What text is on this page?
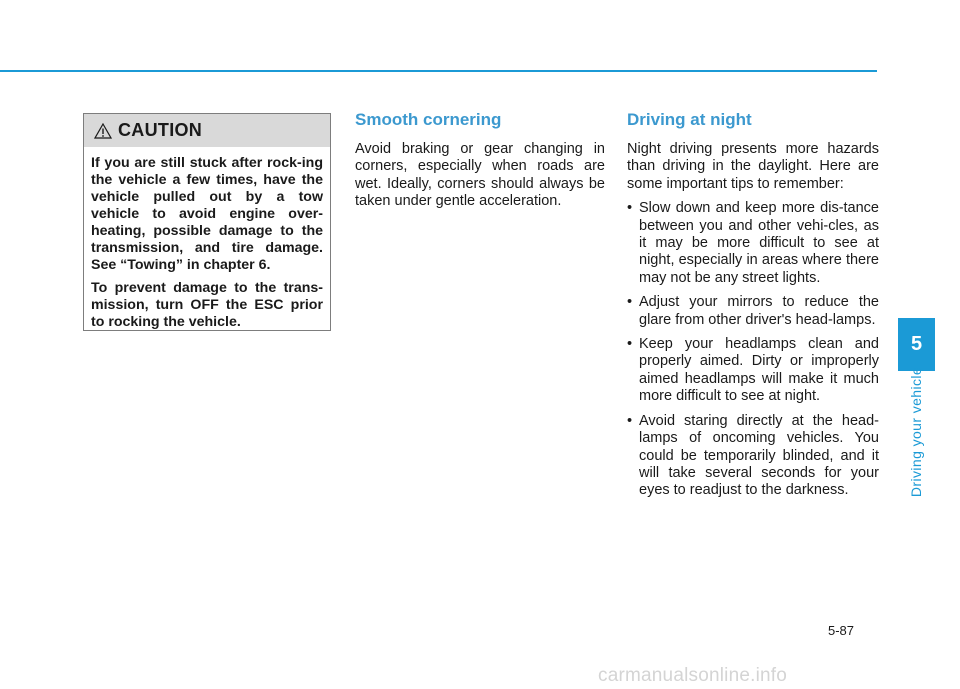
CAUTION

If you are still stuck after rock-ing the vehicle a few times, have the vehicle pulled out by a tow vehicle to avoid engine over-heating, possible damage to the transmission, and tire damage. See “Towing” in chapter 6.

To prevent damage to the trans-mission, turn OFF the ESC prior to rocking the vehicle.

Smooth cornering

Avoid braking or gear changing in corners, especially when roads are wet. Ideally, corners should always be taken under gentle acceleration.

Driving at night

Night driving presents more hazards than driving in the daylight. Here are some important tips to remember:

• Slow down and keep more dis-tance between you and other vehi-cles, as it may be more difficult to see at night, especially in areas where there may not be any street lights.
• Adjust your mirrors to reduce the glare from other driver's head-lamps.
• Keep your headlamps clean and properly aimed. Dirty or improperly aimed headlamps will make it much more difficult to see at night.
• Avoid staring directly at the head-lamps of oncoming vehicles. You could be temporarily blinded, and it will take several seconds for your eyes to readjust to the darkness.
5
Driving your vehicle
5-87
carmanualsonline.info
